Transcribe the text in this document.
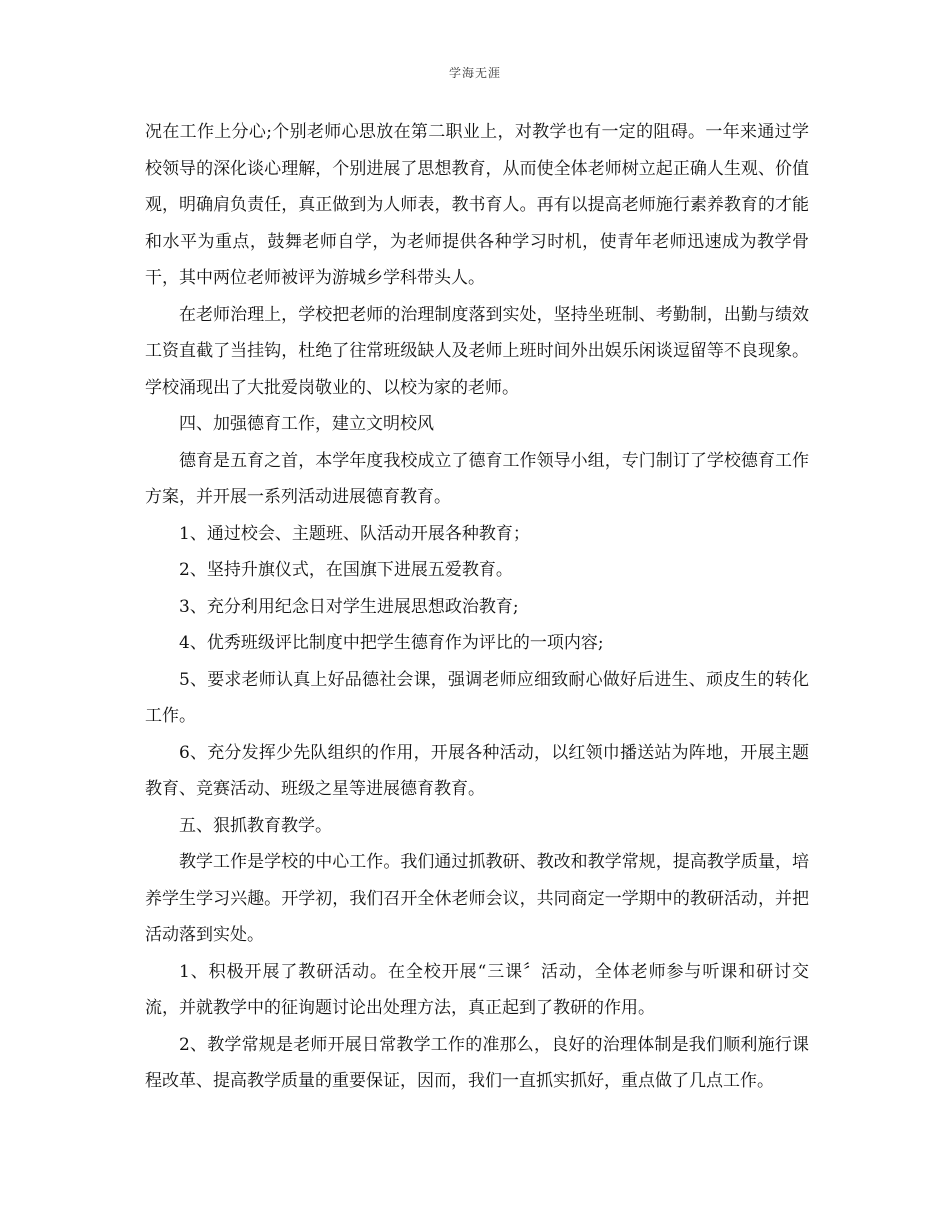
学海无涯

况在工作上分心;个别老师心思放在第二职业上，对教学也有一定的阻碍。一年来通过学校领导的深化谈心理解，个别进展了思想教育，从而使全体老师树立起正确人生观、价值观，明确肩负责任，真正做到为人师表，教书育人。再有以提高老师施行素养教育的才能和水平为重点，鼓舞老师自学，为老师提供各种学习时机，使青年老师迅速成为教学骨干，其中两位老师被评为游城乡学科带头人。

在老师治理上，学校把老师的治理制度落到实处，坚持坐班制、考勤制，出勤与绩效工资直截了当挂钩，杜绝了往常班级缺人及老师上班时间外出娱乐闲谈逗留等不良现象。学校涌现出了大批爱岗敬业的、以校为家的老师。

四、加强德育工作，建立文明校风

德育是五育之首，本学年度我校成立了德育工作领导小组，专门制订了学校德育工作方案，并开展一系列活动进展德育教育。

1、通过校会、主题班、队活动开展各种教育；

2、坚持升旗仪式，在国旗下进展五爱教育。

3、充分利用纪念日对学生进展思想政治教育;

4、优秀班级评比制度中把学生德育作为评比的一项内容;

5、要求老师认真上好品德社会课，强调老师应细致耐心做好后进生、顽皮生的转化工作。

6、充分发挥少先队组织的作用，开展各种活动，以红领巾播送站为阵地，开展主题教育、竞赛活动、班级之星等进展德育教育。

五、狠抓教育教学。

教学工作是学校的中心工作。我们通过抓教研、教改和教学常规，提高教学质量，培养学生学习兴趣。开学初，我们召开全休老师会议，共同商定一学期中的教研活动，并把活动落到实处。

1、积极开展了教研活动。在全校开展“三课〞活动，全体老师参与听课和研讨交流，并就教学中的征询题讨论出处理方法，真正起到了教研的作用。

2、教学常规是老师开展日常教学工作的准那么，良好的治理体制是我们顺利施行课程改革、提高教学质量的重要保证，因而，我们一直抓实抓好，重点做了几点工作。
